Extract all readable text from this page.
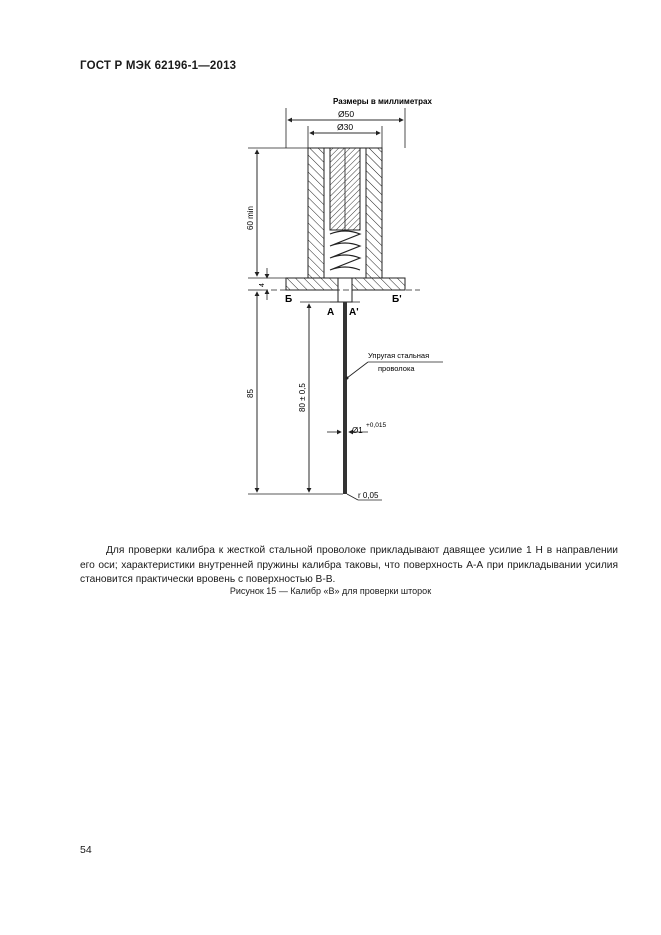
ГОСТ Р МЭК 62196-1—2013
Размеры в миллиметрах
Ø50
Ø30
Б	Б'
А А'
60 min
4
85	80 ± 0,5
Упругая стальная
проволока
Ø1
+0,015
r 0,05

Для проверки калибра к жесткой стальной проволоке прикладывают давящее усилие 1 Н в направлении его оси; характеристики внутренней пружины калибра таковы, что поверхность А-А при прикладывании усилия становится практически вровень с поверхностью В-В.

Рисунок 15 — Калибр «В» для проверки шторок

54
